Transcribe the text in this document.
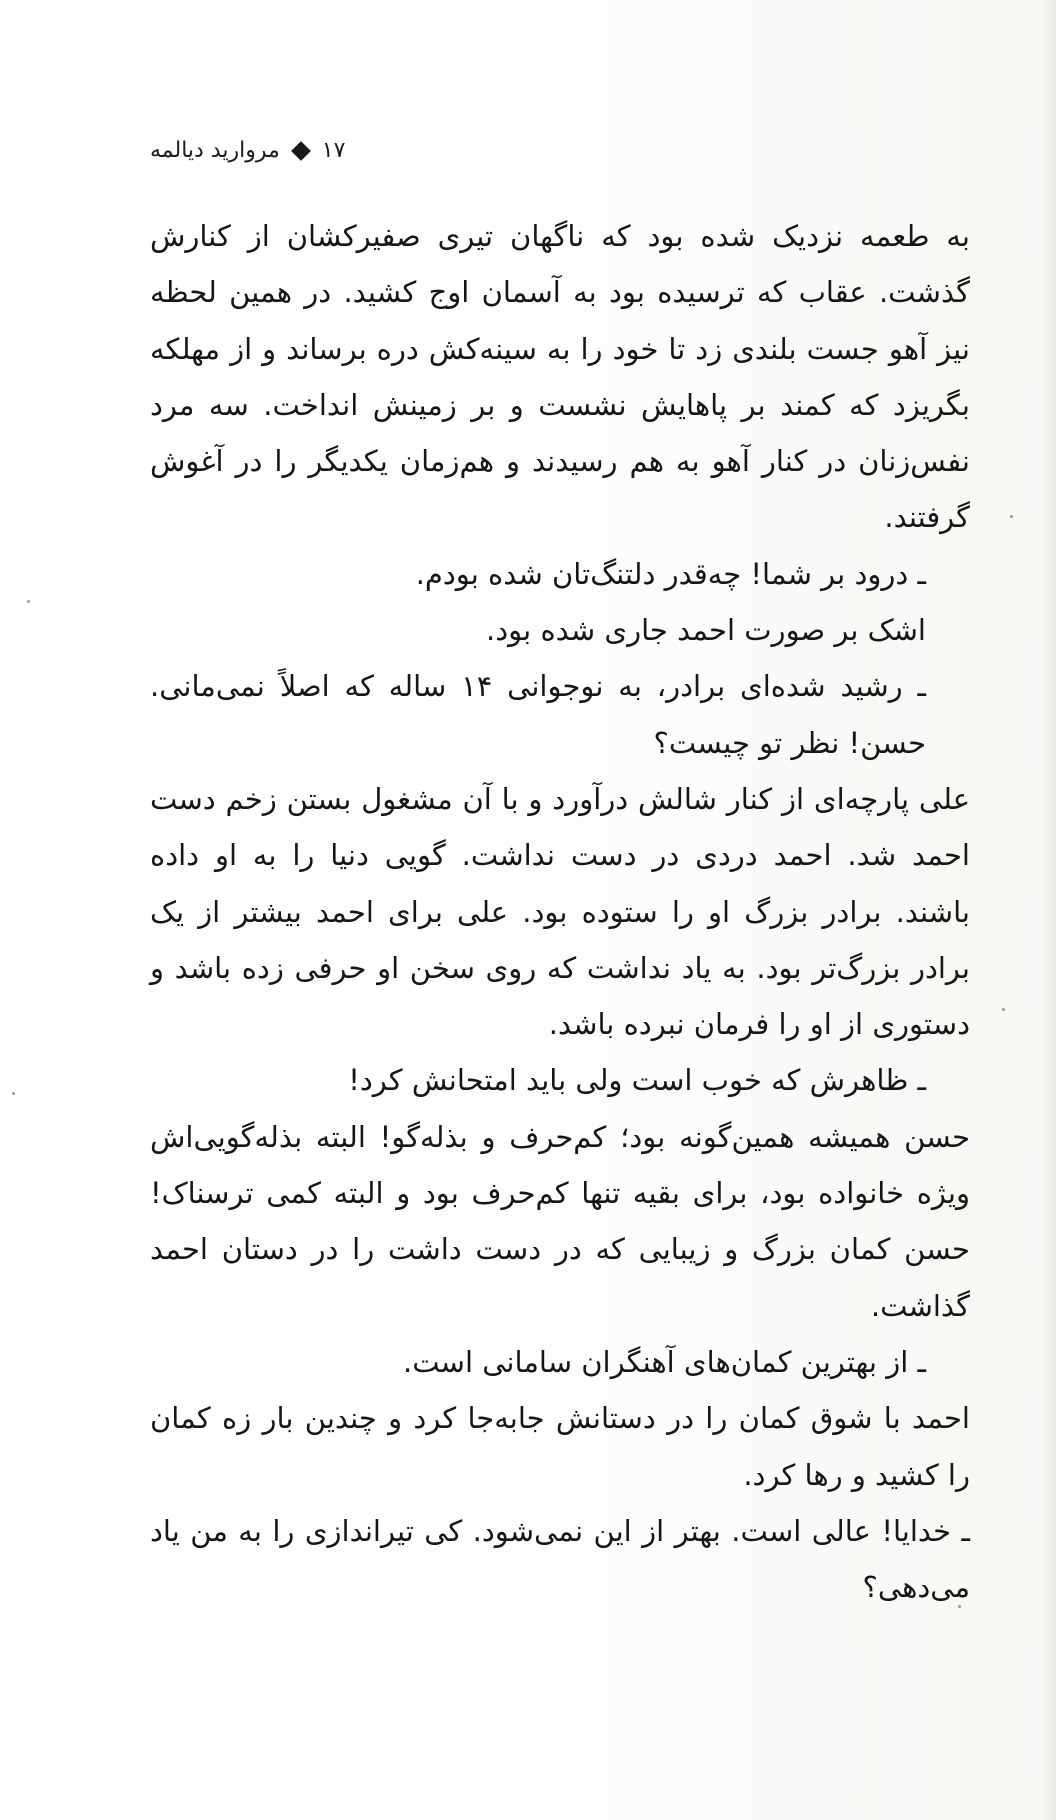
مروارید دیالمه ۱۷

به طعمه نزدیک شده بود که ناگهان تیری صفیرکشان از کنارش گذشت. عقاب که ترسیده بود به آسمان اوج کشید. در همین لحظه نیز آهو جست بلندی زد تا خود را به سینه‌کش دره برساند و از مهلکه بگریزد که کمند بر پاهایش نشست و بر زمینش انداخت. سه مرد نفس‌زنان در کنار آهو به هم رسیدند و هم‌زمان یکدیگر را در آغوش گرفتند.

ـ درود بر شما! چه‌قدر دلتنگ‌تان شده بودم.

اشک بر صورت احمد جاری شده بود.

ـ رشید شده‌ای برادر، به نوجوانی ۱۴ ساله که اصلاً نمی‌مانی. حسن! نظر تو چیست؟

علی پارچه‌ای از کنار شالش درآورد و با آن مشغول بستن زخم دست احمد شد. احمد دردی در دست نداشت. گویی دنیا را به او داده باشند. برادر بزرگ او را ستوده بود. علی برای احمد بیشتر از یک برادر بزرگ‌تر بود. به یاد نداشت که روی سخن او حرفی زده باشد و دستوری از او را فرمان نبرده باشد.

ـ ظاهرش که خوب است ولی باید امتحانش کرد!

حسن همیشه همین‌گونه بود؛ کم‌حرف و بذله‌گو! البته بذله‌گویی‌اش ویژه خانواده بود، برای بقیه تنها کم‌حرف بود و البته کمی ترسناک! حسن کمان بزرگ و زیبایی که در دست داشت را در دستان احمد گذاشت.

ـ از بهترین کمان‌های آهنگران سامانی است.

احمد با شوق کمان را در دستانش جابه‌جا کرد و چندین بار زه کمان را کشید و رها کرد.

ـ خدایا! عالی است. بهتر از این نمی‌شود. کی تیراندازی را به من یاد می‌دهی؟
